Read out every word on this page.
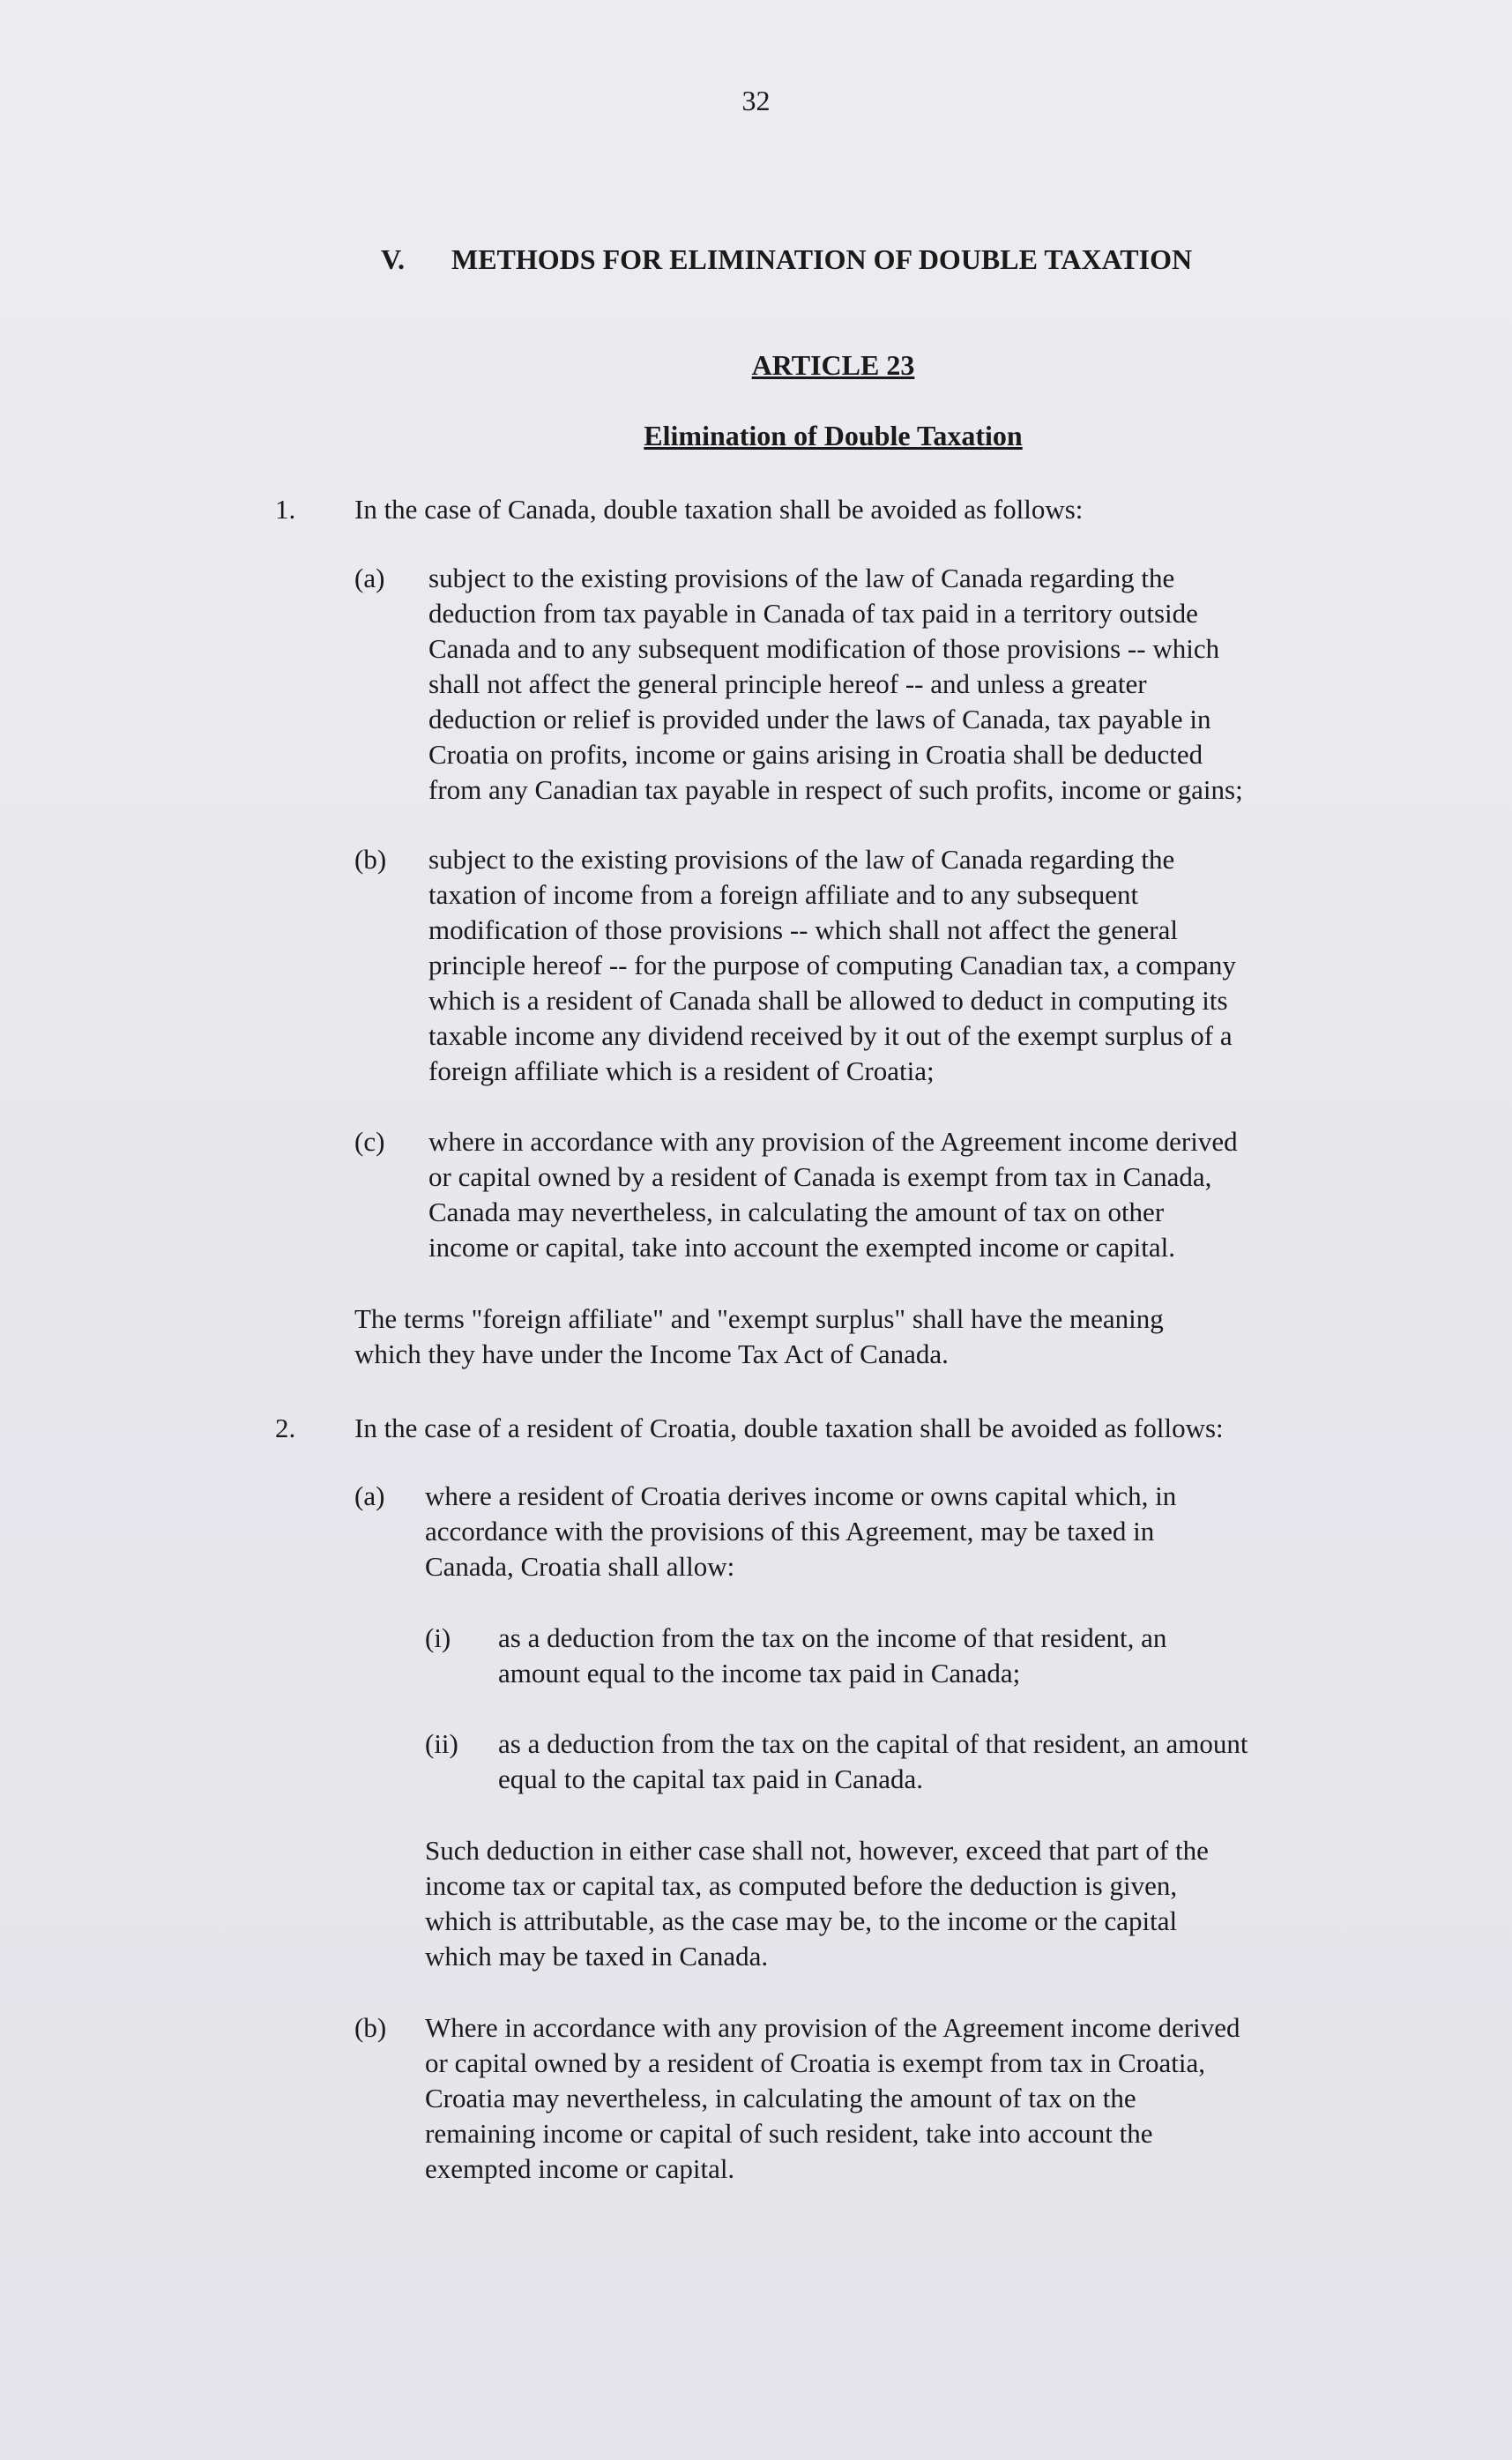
32
V. METHODS FOR ELIMINATION OF DOUBLE TAXATION
ARTICLE 23
Elimination of Double Taxation
1. In the case of Canada, double taxation shall be avoided as follows:
(a) subject to the existing provisions of the law of Canada regarding the
deduction from tax payable in Canada of tax paid in a territory outside
Canada and to any subsequent modification of those provisions -- which
shall not affect the general principle hereof -- and unless a greater
deduction or relief is provided under the laws of Canada, tax payable in
Croatia on profits, income or gains arising in Croatia shall be deducted
from any Canadian tax payable in respect of such profits, income or gains;
(b) subject to the existing provisions of the law of Canada regarding the
taxation of income from a foreign affiliate and to any subsequent
modification of those provisions -- which shall not affect the general
principle hereof -- for the purpose of computing Canadian tax, a company
which is a resident of Canada shall be allowed to deduct in computing its
taxable income any dividend received by it out of the exempt surplus of a
foreign affiliate which is a resident of Croatia;
(c) where in accordance with any provision of the Agreement income derived
or capital owned by a resident of Canada is exempt from tax in Canada,
Canada may nevertheless, in calculating the amount of tax on other
income or capital, take into account the exempted income or capital.
The terms "foreign affiliate" and "exempt surplus" shall have the meaning
which they have under the Income Tax Act of Canada.
2. In the case of a resident of Croatia, double taxation shall be avoided as follows:
(a) where a resident of Croatia derives income or owns capital which, in
accordance with the provisions of this Agreement, may be taxed in
Canada, Croatia shall allow:
(i) as a deduction from the tax on the income of that resident, an
amount equal to the income tax paid in Canada;
(ii) as a deduction from the tax on the capital of that resident, an amount
equal to the capital tax paid in Canada.
Such deduction in either case shall not, however, exceed that part of the
income tax or capital tax, as computed before the deduction is given,
which is attributable, as the case may be, to the income or the capital
which may be taxed in Canada.
(b) Where in accordance with any provision of the Agreement income derived
or capital owned by a resident of Croatia is exempt from tax in Croatia,
Croatia may nevertheless, in calculating the amount of tax on the
remaining income or capital of such resident, take into account the
exempted income or capital.
